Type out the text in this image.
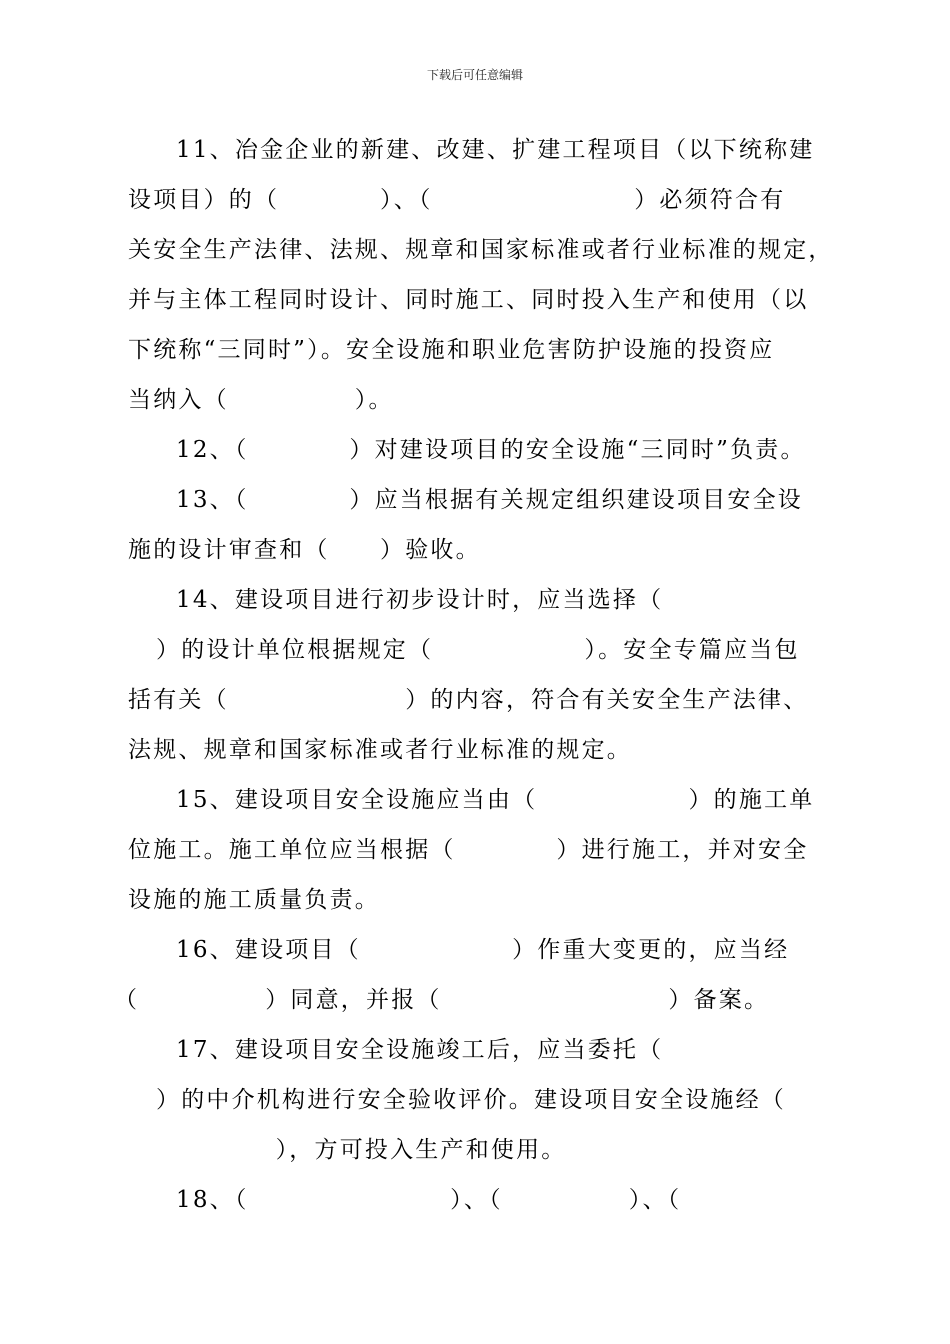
下载后可任意编辑
11、冶金企业的新建、改建、扩建工程项目（以下统称建
设项目）的（　　　　）、（　　　　　　　　）必须符合有
关安全生产法律、法规、规章和国家标准或者行业标准的规定，
并与主体工程同时设计、同时施工、同时投入生产和使用（以
下统称“三同时”）。安全设施和职业危害防护设施的投资应
当纳入（　　　　　）。
12、（　　　　）对建设项目的安全设施“三同时”负责。
13、（　　　　）应当根据有关规定组织建设项目安全设
施的设计审查和（　　）验收。
14、建设项目进行初步设计时，应当选择（
）的设计单位根据规定（　　　　　　）。安全专篇应当包
括有关（　　　　　　　）的内容，符合有关安全生产法律、
法规、规章和国家标准或者行业标准的规定。
15、建设项目安全设施应当由（　　　　　　）的施工单
位施工。施工单位应当根据（　　　　）进行施工，并对安全
设施的施工质量负责。
16、建设项目（　　　　　　）作重大变更的，应当经
（　　　　　）同意，并报（　　　　　　　　　）备案。
17、建设项目安全设施竣工后，应当委托（
）的中介机构进行安全验收评价。建设项目安全设施经（
　　　），方可投入生产和使用。
18、（　　　　　　　　）、（　　　　　）、（
